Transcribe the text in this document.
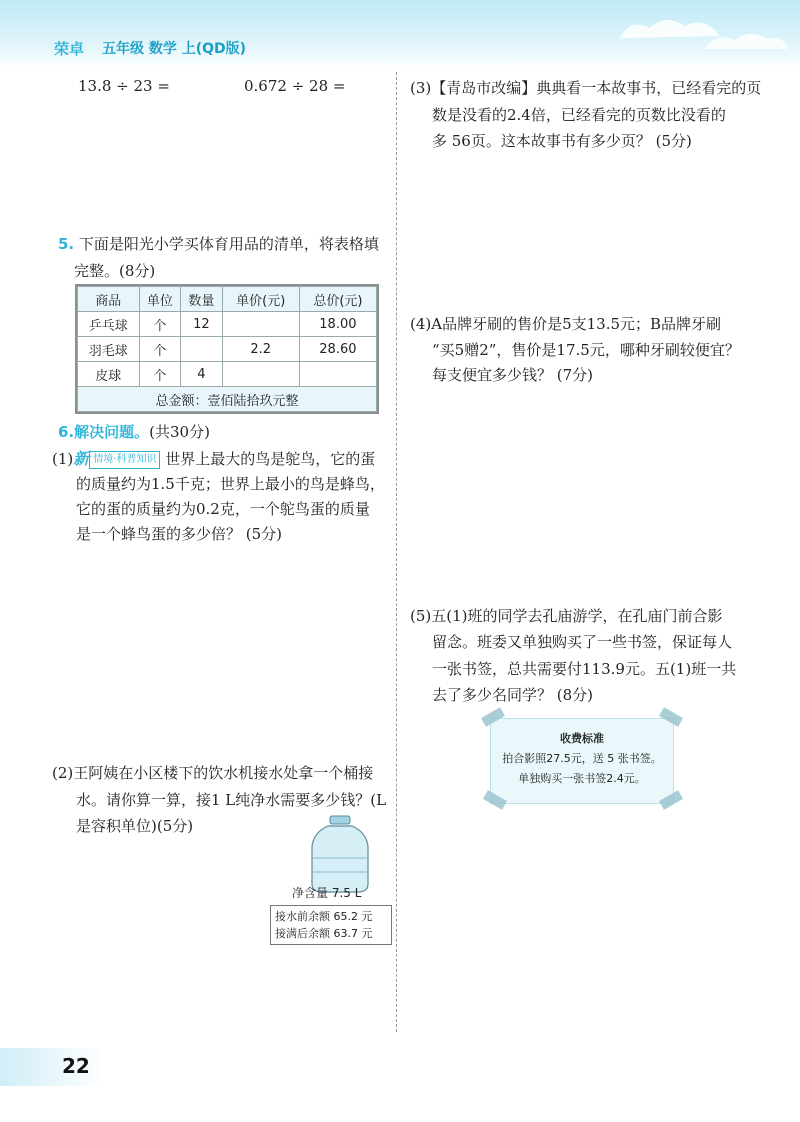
荣卓 五年级 数学 上(QD版)
13.8 ÷ 23 =	0.672 ÷ 28 =
5. 下面是阳光小学买体育用品的清单，将表格填
完整。(8分)
商品	单位	数量	单价(元)	总价(元)
乒乓球	个	12		18.00
羽毛球	个		2.2	28.60
皮球	个	4		
总金额：壹佰陆拾玖元整				
6.解决问题。(共30分)
(1)新 情境·科普知识 世界上最大的鸟是鸵鸟，它的蛋
的质量约为1.5千克；世界上最小的鸟是蜂鸟，
它的蛋的质量约为0.2克，一个鸵鸟蛋的质量
是一个蜂鸟蛋的多少倍？ (5分)
(2)王阿姨在小区楼下的饮水机接水处拿一个桶接
水。请你算一算，接1 L纯净水需要多少钱？(L
是容积单位)(5分)
净含量 7.5 L
接水前余额 65.2 元
接满后余额 63.7 元
(3)【青岛市改编】典典看一本故事书，已经看完的页
数是没看的2.4倍，已经看完的页数比没看的
多 56页。这本故事书有多少页？ (5分)
(4)A品牌牙刷的售价是5支13.5元；B品牌牙刷
“买5赠2”，售价是17.5元，哪种牙刷较便宜？
每支便宜多少钱？ (7分)
(5)五(1)班的同学去孔庙游学，在孔庙门前合影
留念。班委又单独购买了一些书签，保证每人
一张书签，总共需要付113.9元。五(1)班一共
去了多少名同学？ (8分)
收费标准
拍合影照27.5元，送 5 张书签。
单独购买一张书签2.4元。
22
